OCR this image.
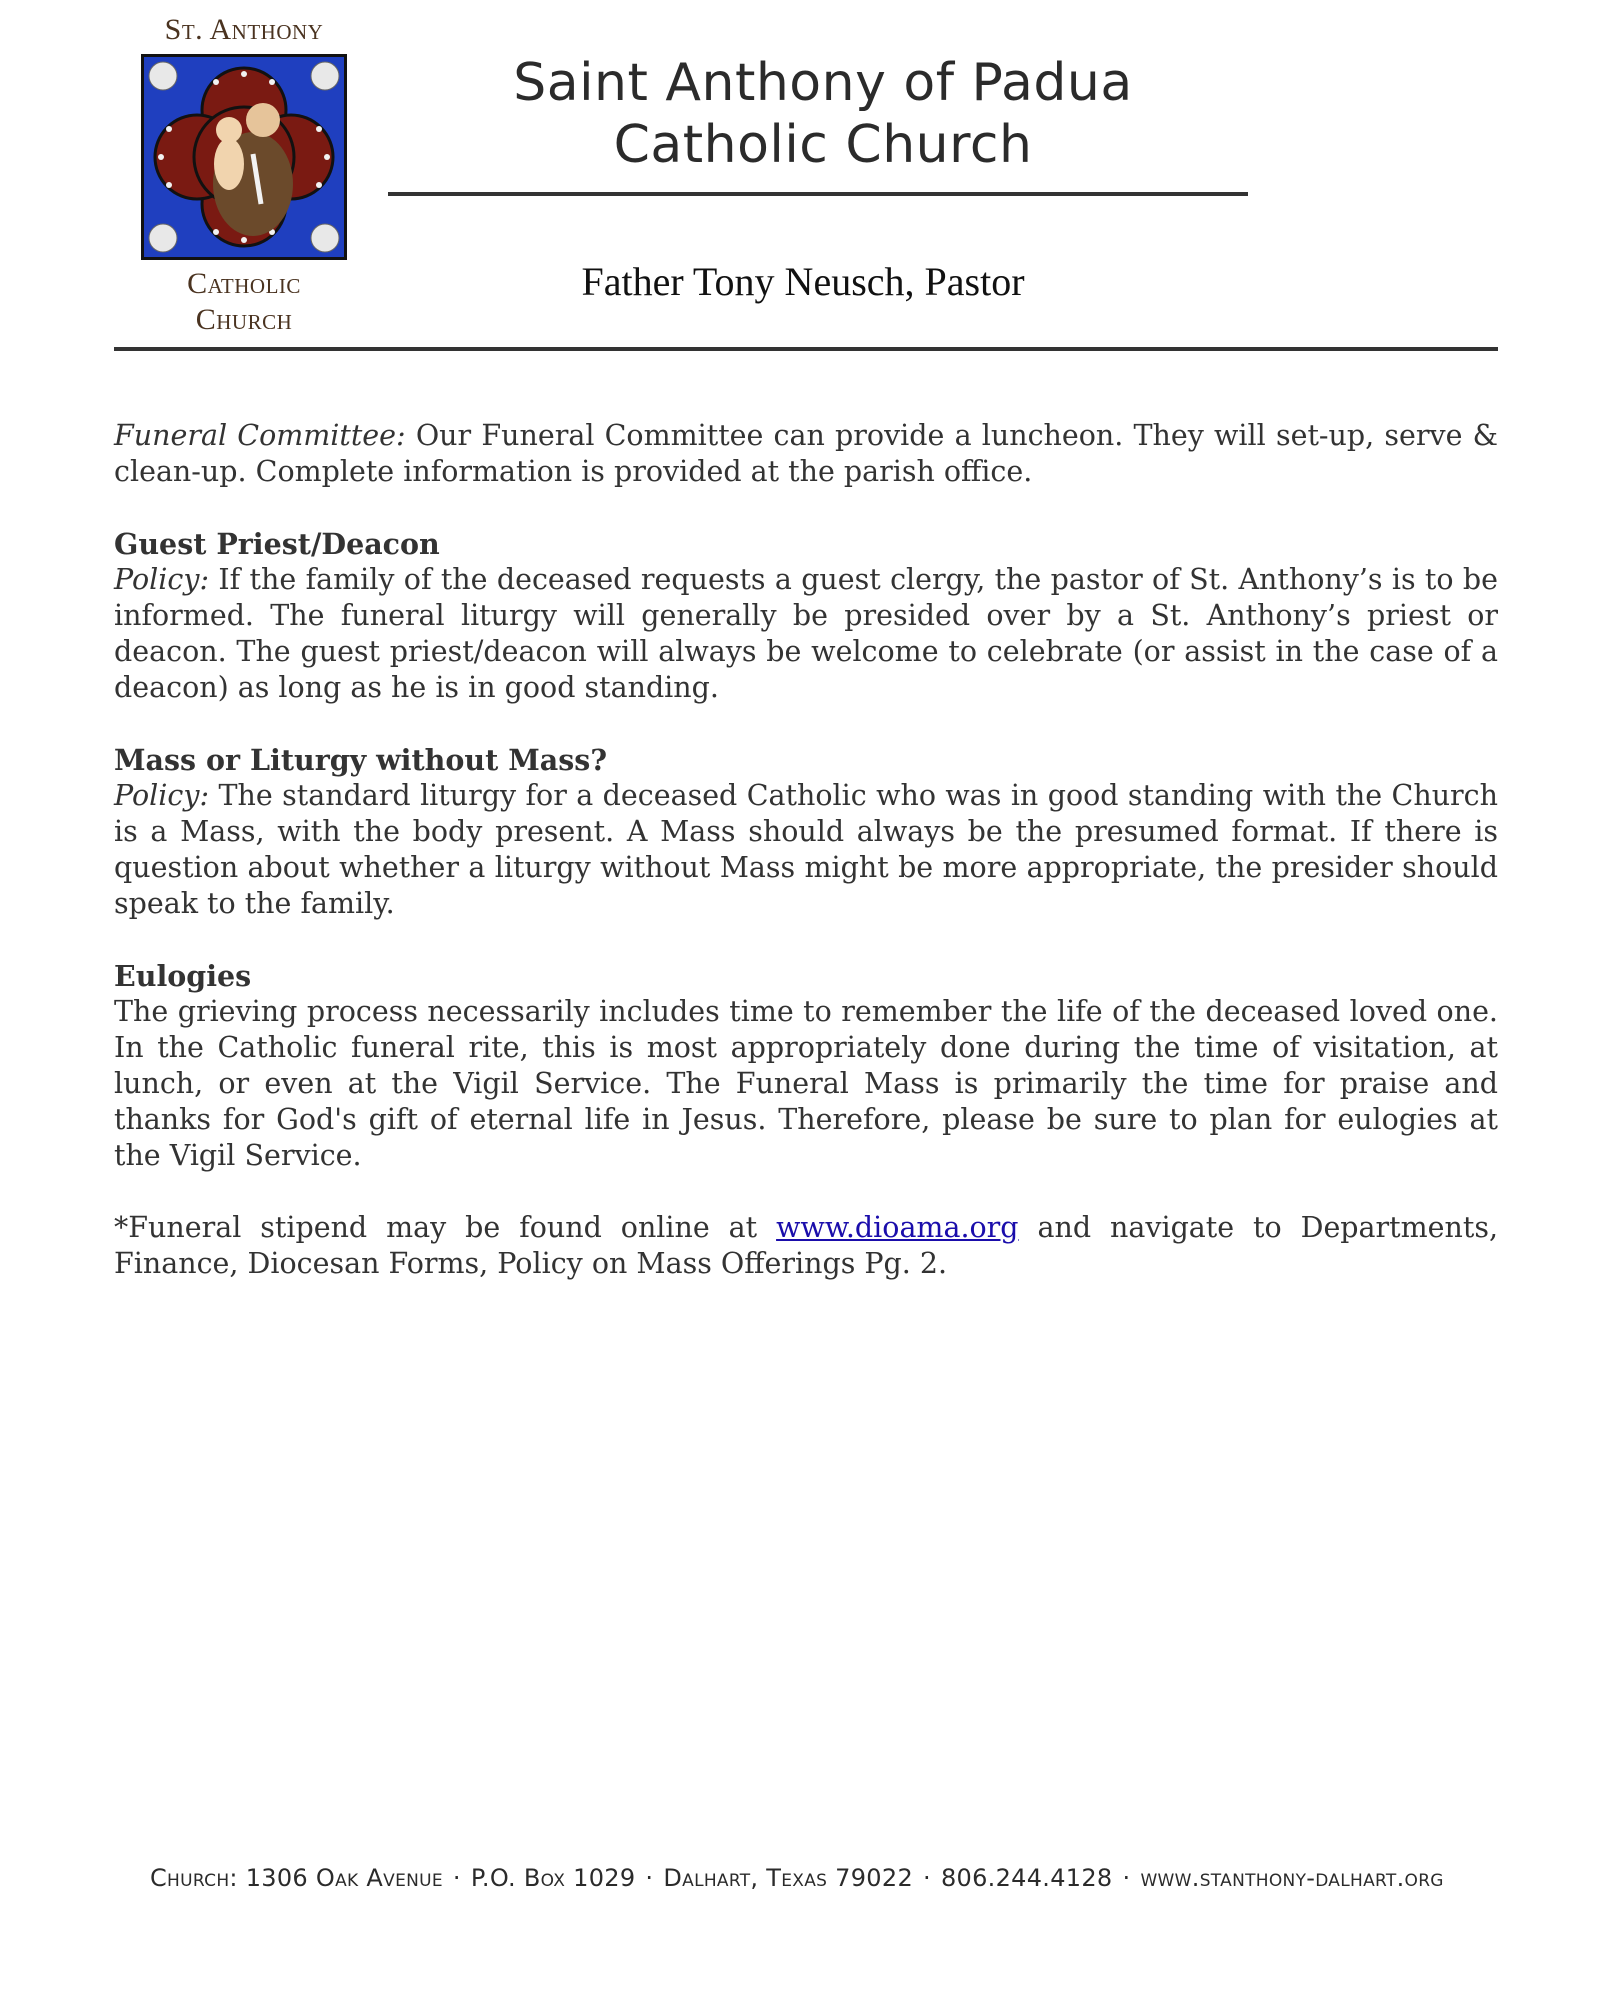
St. Anthony
Catholic
Church
Saint Anthony of Padua
Catholic Church
Father Tony Neusch, Pastor

Funeral Committee: Our Funeral Committee can provide a luncheon. They will set-up, serve & clean-up. Complete information is provided at the parish office.

Guest Priest/Deacon

Policy: If the family of the deceased requests a guest clergy, the pastor of St. Anthony’s is to be informed. The funeral liturgy will generally be presided over by a St. Anthony’s priest or deacon. The guest priest/deacon will always be welcome to celebrate (or assist in the case of a deacon) as long as he is in good standing.

Mass or Liturgy without Mass?

Policy: The standard liturgy for a deceased Catholic who was in good standing with the Church is a Mass, with the body present. A Mass should always be the presumed format. If there is question about whether a liturgy without Mass might be more appropriate, the presider should speak to the family.

Eulogies

The grieving process necessarily includes time to remember the life of the deceased loved one. In the Catholic funeral rite, this is most appropriately done during the time of visitation, at lunch, or even at the Vigil Service. The Funeral Mass is primarily the time for praise and thanks for God's gift of eternal life in Jesus. Therefore, please be sure to plan for eulogies at the Vigil Service.

*Funeral stipend may be found online at www.dioama.org and navigate to Departments, Finance, Diocesan Forms, Policy on Mass Offerings Pg. 2.

Church: 1306 Oak Avenue · P.O. Box 1029 · Dalhart, Texas 79022 · 806.244.4128 · www.stanthony-dalhart.org
